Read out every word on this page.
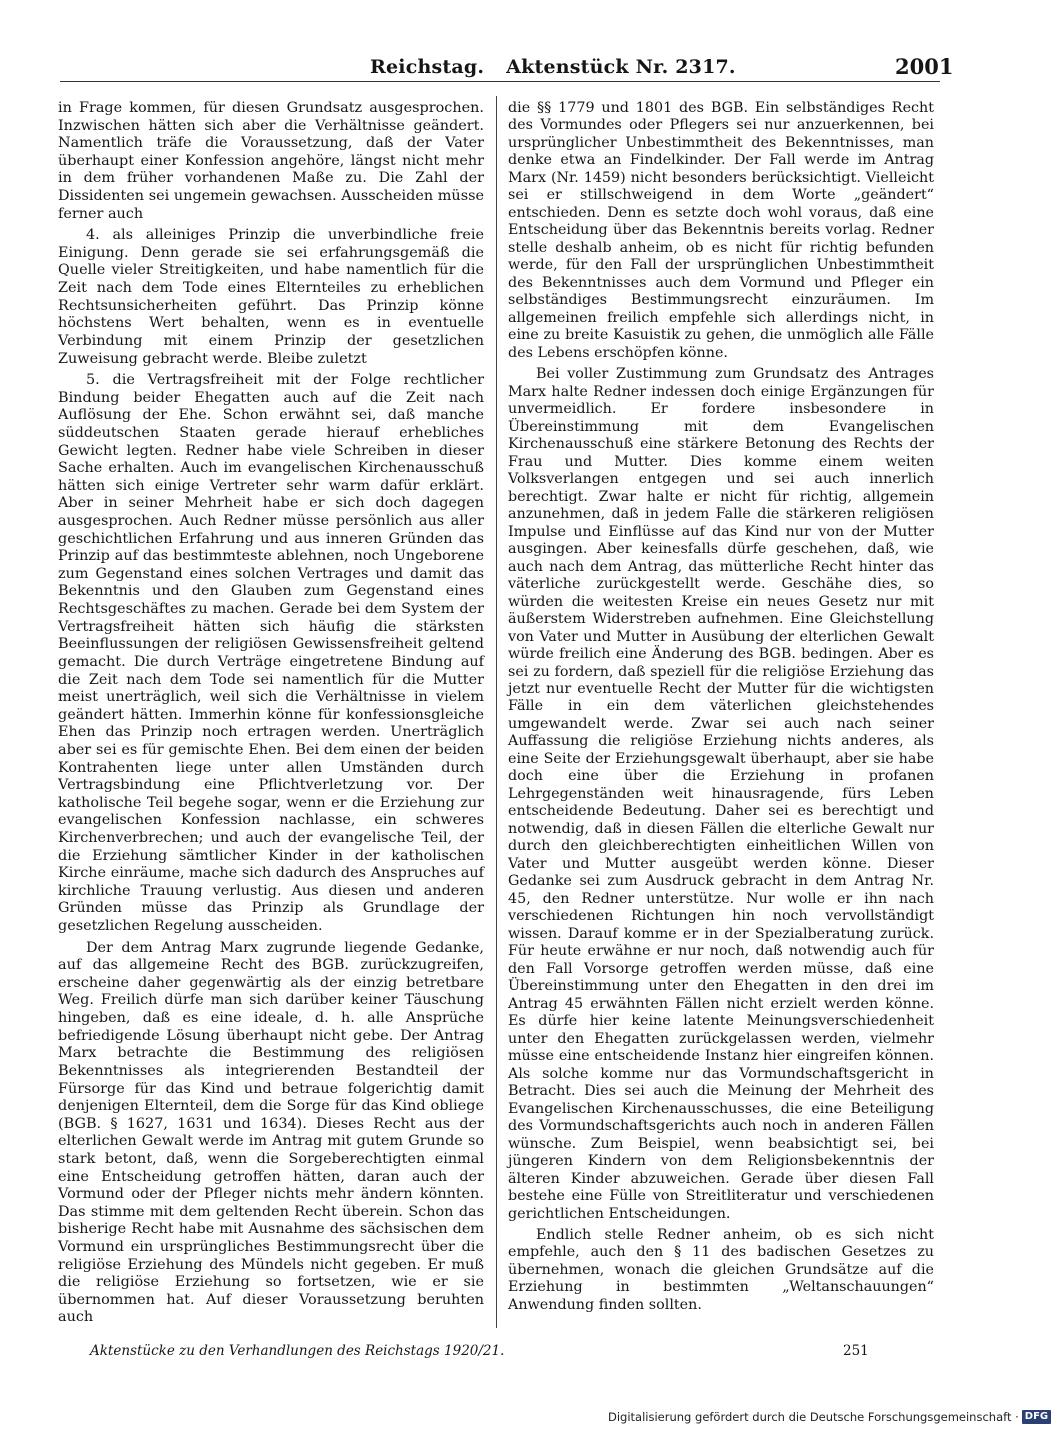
Reichstag. Aktenstück Nr. 2317.	2001

in Frage kommen, für diesen Grundsatz ausgesprochen. Inzwischen hätten sich aber die Verhältnisse geändert. Namentlich träfe die Voraussetzung, daß der Vater überhaupt einer Konfession angehöre, längst nicht mehr in dem früher vorhandenen Maße zu. Die Zahl der Dissidenten sei ungemein gewachsen. Ausscheiden müsse ferner auch

4. als alleiniges Prinzip die unverbindliche freie Einigung. Denn gerade sie sei erfahrungsgemäß die Quelle vieler Streitigkeiten, und habe namentlich für die Zeit nach dem Tode eines Elternteiles zu erheblichen Rechtsunsicherheiten geführt. Das Prinzip könne höchstens Wert behalten, wenn es in eventuelle Verbindung mit einem Prinzip der gesetzlichen Zuweisung gebracht werde. Bleibe zuletzt

5. die Vertragsfreiheit mit der Folge rechtlicher Bindung beider Ehegatten auch auf die Zeit nach Auflösung der Ehe. Schon erwähnt sei, daß manche süddeutschen Staaten gerade hierauf erhebliches Gewicht legten. Redner habe viele Schreiben in dieser Sache erhalten. Auch im evangelischen Kirchenausschuß hätten sich einige Vertreter sehr warm dafür erklärt. Aber in seiner Mehrheit habe er sich doch dagegen ausgesprochen. Auch Redner müsse persönlich aus aller geschichtlichen Erfahrung und aus inneren Gründen das Prinzip auf das bestimmteste ablehnen, noch Ungeborene zum Gegenstand eines solchen Vertrages und damit das Bekenntnis und den Glauben zum Gegenstand eines Rechtsgeschäftes zu machen. Gerade bei dem System der Vertragsfreiheit hätten sich häufig die stärksten Beeinflussungen der religiösen Gewissensfreiheit geltend gemacht. Die durch Verträge eingetretene Bindung auf die Zeit nach dem Tode sei namentlich für die Mutter meist unerträglich, weil sich die Verhältnisse in vielem geändert hätten. Immerhin könne für konfessionsgleiche Ehen das Prinzip noch ertragen werden. Unerträglich aber sei es für gemischte Ehen. Bei dem einen der beiden Kontrahenten liege unter allen Umständen durch Vertragsbindung eine Pflichtverletzung vor. Der katholische Teil begehe sogar, wenn er die Erziehung zur evangelischen Konfession nachlasse, ein schweres Kirchenverbrechen; und auch der evangelische Teil, der die Erziehung sämtlicher Kinder in der katholischen Kirche einräume, mache sich dadurch des Anspruches auf kirchliche Trauung verlustig. Aus diesen und anderen Gründen müsse das Prinzip als Grundlage der gesetzlichen Regelung ausscheiden.

Der dem Antrag Marx zugrunde liegende Gedanke, auf das allgemeine Recht des BGB. zurückzugreifen, erscheine daher gegenwärtig als der einzig betretbare Weg. Freilich dürfe man sich darüber keiner Täuschung hingeben, daß es eine ideale, d. h. alle Ansprüche befriedigende Lösung überhaupt nicht gebe. Der Antrag Marx betrachte die Bestimmung des religiösen Bekenntnisses als integrierenden Bestandteil der Fürsorge für das Kind und betraue folgerichtig damit denjenigen Elternteil, dem die Sorge für das Kind obliege (BGB. § 1627, 1631 und 1634). Dieses Recht aus der elterlichen Gewalt werde im Antrag mit gutem Grunde so stark betont, daß, wenn die Sorgeberechtigten einmal eine Entscheidung getroffen hätten, daran auch der Vormund oder der Pfleger nichts mehr ändern könnten. Das stimme mit dem geltenden Recht überein. Schon das bisherige Recht habe mit Ausnahme des sächsischen dem Vormund ein ursprüngliches Bestimmungsrecht über die religiöse Erziehung des Mündels nicht gegeben. Er muß die religiöse Erziehung so fortsetzen, wie er sie übernommen hat. Auf dieser Voraussetzung beruhten auch

die §§ 1779 und 1801 des BGB. Ein selbständiges Recht des Vormundes oder Pflegers sei nur anzuerkennen, bei ursprünglicher Unbestimmtheit des Bekenntnisses, man denke etwa an Findelkinder. Der Fall werde im Antrag Marx (Nr. 1459) nicht besonders berücksichtigt. Vielleicht sei er stillschweigend in dem Worte „geändert“ entschieden. Denn es setzte doch wohl voraus, daß eine Entscheidung über das Bekenntnis bereits vorlag. Redner stelle deshalb anheim, ob es nicht für richtig befunden werde, für den Fall der ursprünglichen Unbestimmtheit des Bekenntnisses auch dem Vormund und Pfleger ein selbständiges Bestimmungsrecht einzuräumen. Im allgemeinen freilich empfehle sich allerdings nicht, in eine zu breite Kasuistik zu gehen, die unmöglich alle Fälle des Lebens erschöpfen könne.

Bei voller Zustimmung zum Grundsatz des Antrages Marx halte Redner indessen doch einige Ergänzungen für unvermeidlich. Er fordere insbesondere in Übereinstimmung mit dem Evangelischen Kirchenausschuß eine stärkere Betonung des Rechts der Frau und Mutter. Dies komme einem weiten Volksverlangen entgegen und sei auch innerlich berechtigt. Zwar halte er nicht für richtig, allgemein anzunehmen, daß in jedem Falle die stärkeren religiösen Impulse und Einflüsse auf das Kind nur von der Mutter ausgingen. Aber keinesfalls dürfe geschehen, daß, wie auch nach dem Antrag, das mütterliche Recht hinter das väterliche zurückgestellt werde. Geschähe dies, so würden die weitesten Kreise ein neues Gesetz nur mit äußerstem Widerstreben aufnehmen. Eine Gleichstellung von Vater und Mutter in Ausübung der elterlichen Gewalt würde freilich eine Änderung des BGB. bedingen. Aber es sei zu fordern, daß speziell für die religiöse Erziehung das jetzt nur eventuelle Recht der Mutter für die wichtigsten Fälle in ein dem väterlichen gleichstehendes umgewandelt werde. Zwar sei auch nach seiner Auffassung die religiöse Erziehung nichts anderes, als eine Seite der Erziehungsgewalt überhaupt, aber sie habe doch eine über die Erziehung in profanen Lehrgegenständen weit hinausragende, fürs Leben entscheidende Bedeutung. Daher sei es berechtigt und notwendig, daß in diesen Fällen die elterliche Gewalt nur durch den gleichberechtigten einheitlichen Willen von Vater und Mutter ausgeübt werden könne. Dieser Gedanke sei zum Ausdruck gebracht in dem Antrag Nr. 45, den Redner unterstütze. Nur wolle er ihn nach verschiedenen Richtungen hin noch vervollständigt wissen. Darauf komme er in der Spezialberatung zurück. Für heute erwähne er nur noch, daß notwendig auch für den Fall Vorsorge getroffen werden müsse, daß eine Übereinstimmung unter den Ehegatten in den drei im Antrag 45 erwähnten Fällen nicht erzielt werden könne. Es dürfe hier keine latente Meinungsverschiedenheit unter den Ehegatten zurückgelassen werden, vielmehr müsse eine entscheidende Instanz hier eingreifen können. Als solche komme nur das Vormundschaftsgericht in Betracht. Dies sei auch die Meinung der Mehrheit des Evangelischen Kirchenausschusses, die eine Beteiligung des Vormundschaftsgerichts auch noch in anderen Fällen wünsche. Zum Beispiel, wenn beabsichtigt sei, bei jüngeren Kindern von dem Religionsbekenntnis der älteren Kinder abzuweichen. Gerade über diesen Fall bestehe eine Fülle von Streitliteratur und verschiedenen gerichtlichen Entscheidungen.

Endlich stelle Redner anheim, ob es sich nicht empfehle, auch den § 11 des badischen Gesetzes zu übernehmen, wonach die gleichen Grundsätze auf die Erziehung in bestimmten „Weltanschauungen“ Anwendung finden sollten.

Aktenstücke zu den Verhandlungen des Reichstags 1920/21.	251
Digitalisierung gefördert durch die Deutsche Forschungsgemeinschaft · DFG
